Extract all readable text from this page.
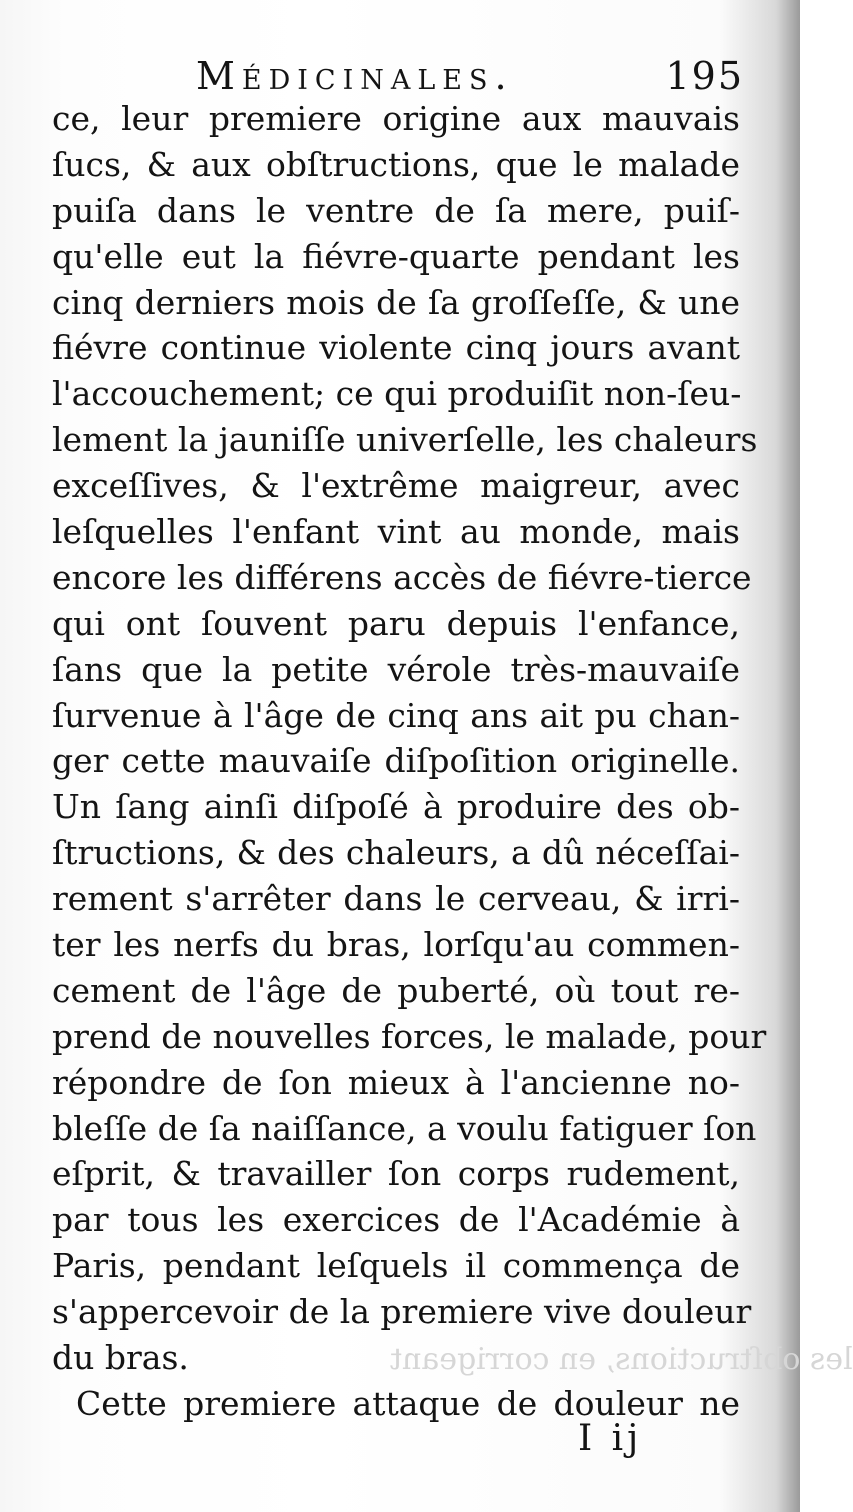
les obſtructions, en corrigeant
Médicinales.	195
ce, leur premiere origine aux mauvais
ſucs, & aux obſtructions, que le malade
puiſa dans le ventre de ſa mere, puiſ-
qu'elle eut la fiévre-quarte pendant les
cinq derniers mois de ſa groſſeſſe, & une
fiévre continue violente cinq jours avant
l'accouchement; ce qui produiſit non-ſeu-
lement la jauniſſe univerſelle, les chaleurs
exceſſives, & l'extrême maigreur, avec
leſquelles l'enfant vint au monde, mais
encore les différens accès de fiévre-tierce
qui ont ſouvent paru depuis l'enfance,
ſans que la petite vérole très-mauvaiſe
ſurvenue à l'âge de cinq ans ait pu chan-
ger cette mauvaiſe diſpoſition originelle.
Un ſang ainſi diſpoſé à produire des ob-
ſtructions, & des chaleurs, a dû néceſſai-
rement s'arrêter dans le cerveau, & irri-
ter les nerfs du bras, lorſqu'au commen-
cement de l'âge de puberté, où tout re-
prend de nouvelles forces, le malade, pour
répondre de ſon mieux à l'ancienne no-
bleſſe de ſa naiſſance, a voulu fatiguer ſon
eſprit, & travailler ſon corps rudement,
par tous les exercices de l'Académie à
Paris, pendant leſquels il commença de
s'appercevoir de la premiere vive douleur
du bras.
Cette premiere attaque de douleur ne
I ij
